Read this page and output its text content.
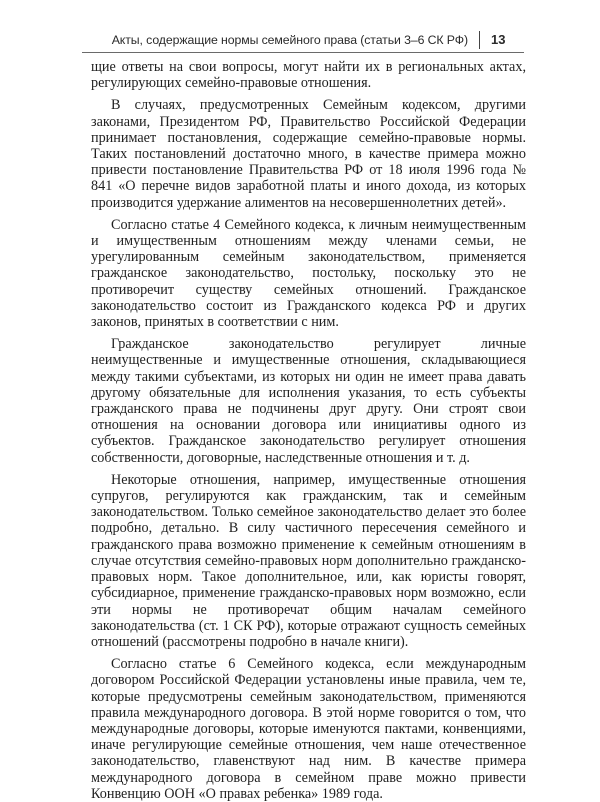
Акты, содержащие нормы семейного права (статьи 3–6 СК РФ) 13

щие ответы на свои вопросы, могут найти их в региональных актах, регулирующих семейно-правовые отношения.

В случаях, предусмотренных Семейным кодексом, другими законами, Президентом РФ, Правительство Российской Федерации принимает постановления, содержащие семейно-правовые нормы. Таких постановлений достаточно много, в качестве примера можно привести постановление Правительства РФ от 18 июля 1996 года № 841 «О перечне видов заработной платы и иного дохода, из которых производится удержание алиментов на несовершеннолетних детей».

Согласно статье 4 Семейного кодекса, к личным неимущественным и имущественным отношениям между членами семьи, не урегулированным семейным законодательством, применяется гражданское законодательство, постольку, поскольку это не противоречит существу семейных отношений. Гражданское законодательство состоит из Гражданского кодекса РФ и других законов, принятых в соответствии с ним.

Гражданское законодательство регулирует личные неимущественные и имущественные отношения, складывающиеся между такими субъектами, из которых ни один не имеет права давать другому обязательные для исполнения указания, то есть субъекты гражданского права не подчинены друг другу. Они строят свои отношения на основании договора или инициативы одного из субъектов. Гражданское законодательство регулирует отношения собственности, договорные, наследственные отношения и т. д.

Некоторые отношения, например, имущественные отношения супругов, регулируются как гражданским, так и семейным законодательством. Только семейное законодательство делает это более подробно, детально. В силу частичного пересечения семейного и гражданского права возможно применение к семейным отношениям в случае отсутствия семейно-правовых норм дополнительно гражданско-правовых норм. Такое дополнительное, или, как юристы говорят, субсидиарное, применение гражданско-правовых норм возможно, если эти нормы не противоречат общим началам семейного законодательства (ст. 1 СК РФ), которые отражают сущность семейных отношений (рассмотрены подробно в начале книги).

Согласно статье 6 Семейного кодекса, если международным договором Российской Федерации установлены иные правила, чем те, которые предусмотрены семейным законодательством, применяются правила международного договора. В этой норме говорится о том, что международные договоры, которые именуются пактами, конвенциями, иначе регулирующие семейные отношения, чем наше отечественное законодательство, главенствуют над ним. В качестве примера международного договора в семейном праве можно привести Конвенцию ООН «О правах ребенка» 1989 года.
